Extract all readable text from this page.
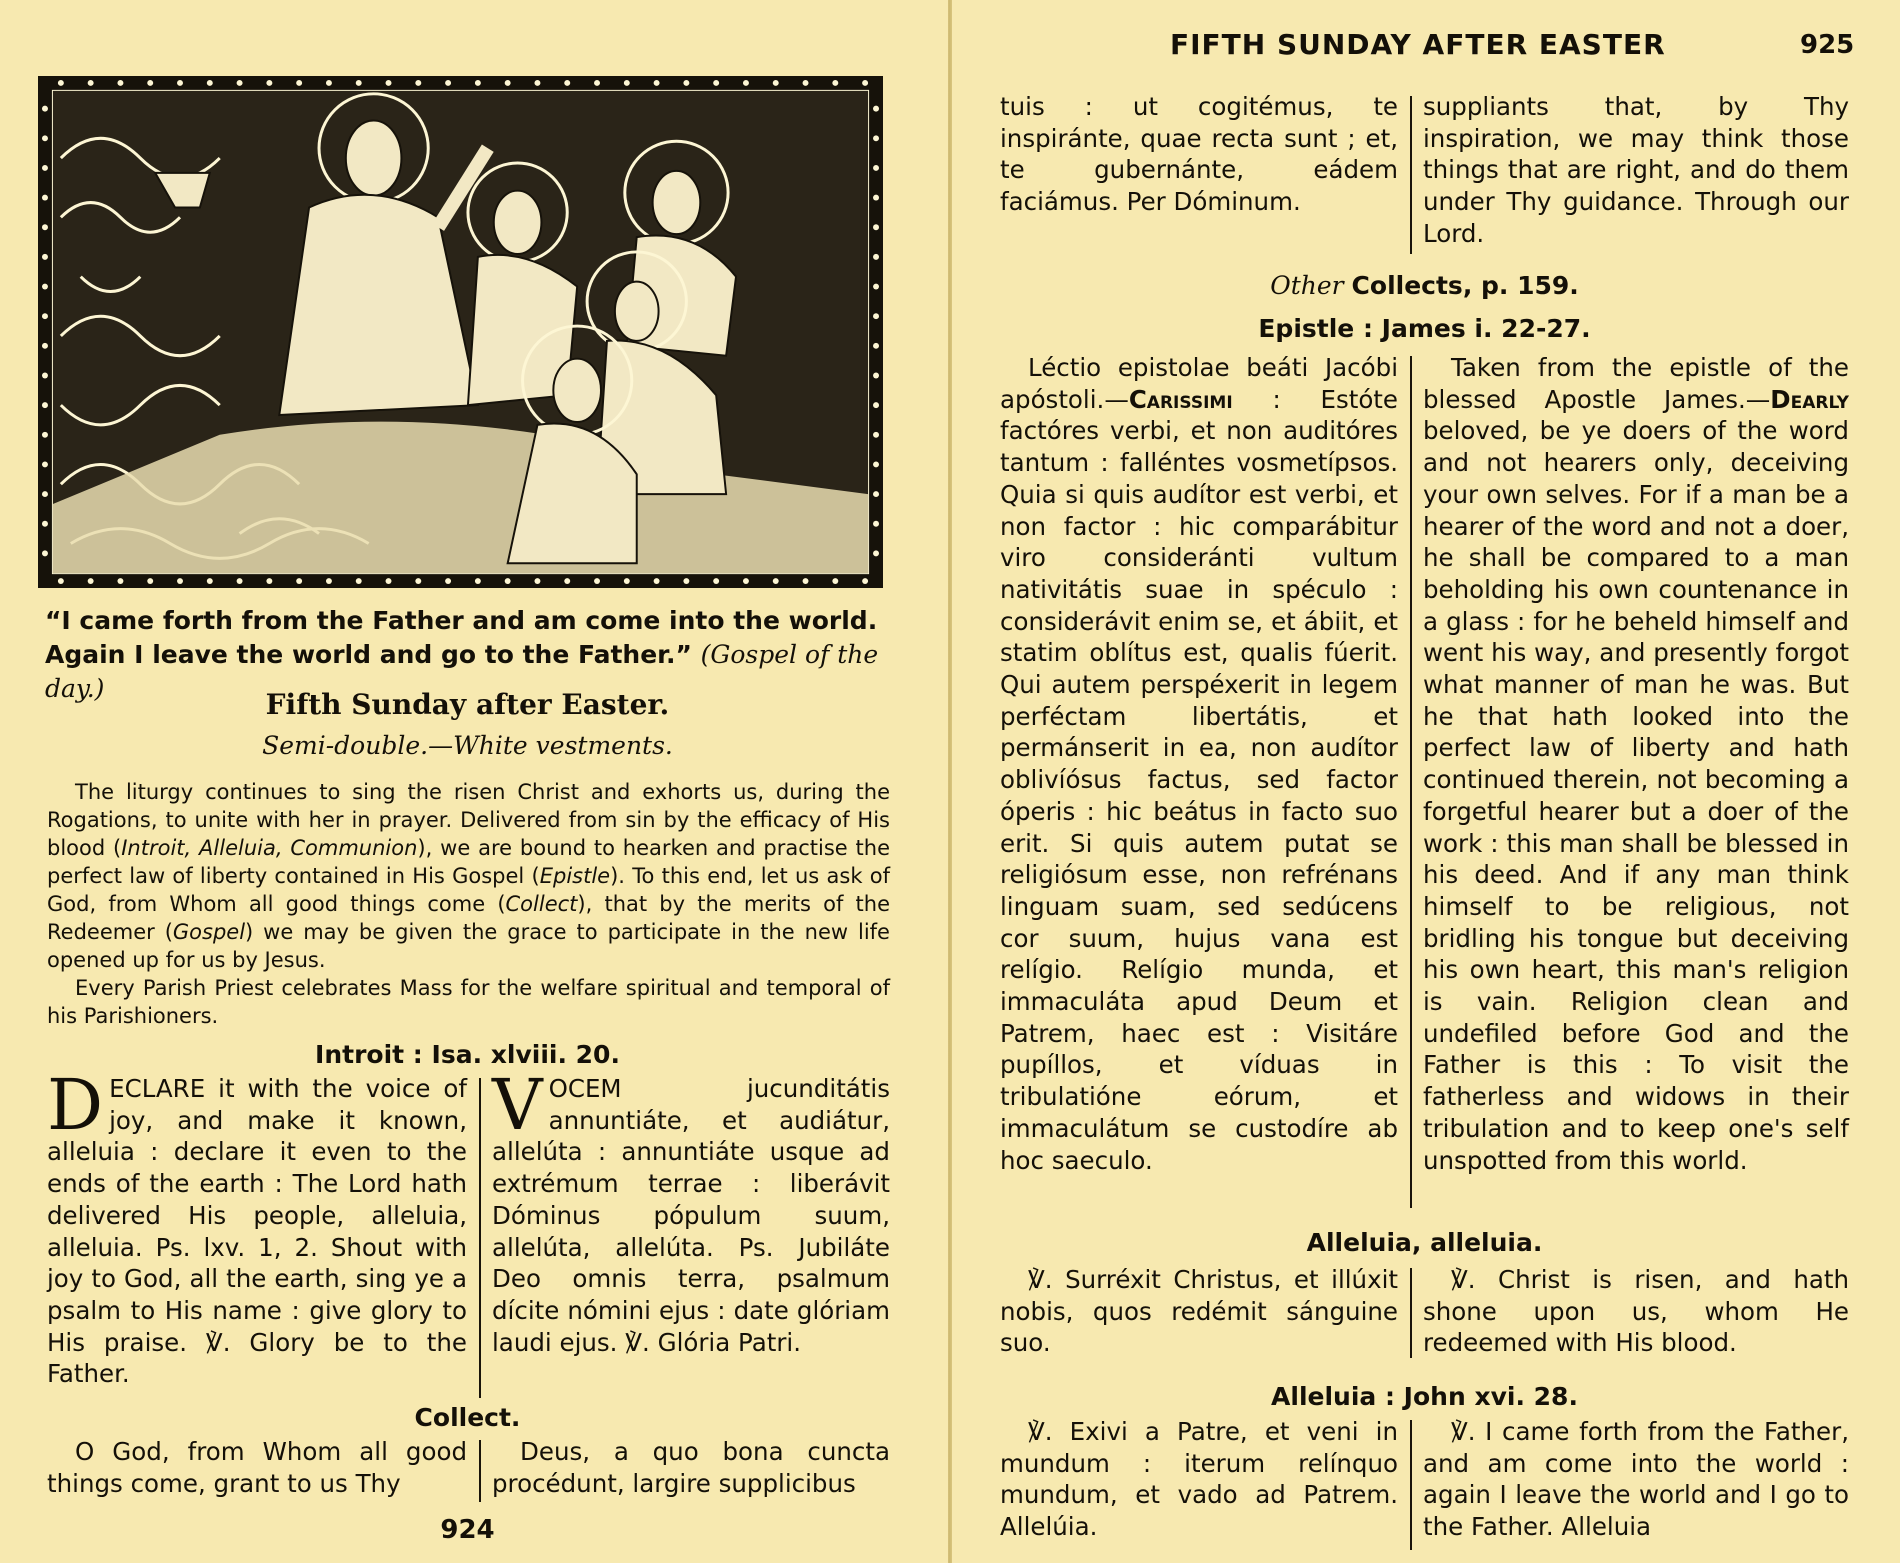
“I came forth from the Father and am come into the world.
Again I leave the world and go to the Father.” (Gospel of the day.)	Fifth Sunday after Easter.
Semi-double.—White vestments.
The liturgy continues to sing the risen Christ and exhorts us, during the Rogations, to unite with her in prayer. Delivered from sin by the efficacy of His blood (Introit, Alleluia, Communion), we are bound to hearken and practise the perfect law of liberty contained in His Gospel (Epistle). To this end, let us ask of God, from Whom all good things come (Collect), that by the merits of the Redeemer (Gospel) we may be given the grace to participate in the new life opened up for us by Jesus.
Every Parish Priest celebrates Mass for the welfare spiritual and temporal of his Parishioners.
Introit : Isa. xlviii. 20.
DECLARE it with the voice of joy, and make it known, alleluia : declare it even to the ends of the earth : The Lord hath delivered His people, alleluia, alleluia. Ps. lxv. 1, 2. Shout with joy to God, all the earth, sing ye a psalm to His name : give glory to His praise. ℣. Glory be to the Father.
VOCEM jucunditátis annuntiáte, et audiátur, allelúta : annuntiáte usque ad extrémum terrae : liberávit Dóminus pópulum suum, allelúta, allelúta. Ps. Jubiláte Deo omnis terra, psalmum dícite nómini ejus : date glóriam laudi ejus. ℣. Glória Patri.
Collect.
O God, from Whom all good things come, grant to us Thy
Deus, a quo bona cuncta procédunt, largire supplicibus
924
FIFTH SUNDAY AFTER EASTER	925
tuis : ut cogitémus, te inspiránte, quae recta sunt ; et, te gubernánte, eádem faciámus. Per Dóminum.
suppliants that, by Thy inspiration, we may think those things that are right, and do them under Thy guidance. Through our Lord.
Other Collects, p. 159.
Epistle : James i. 22-27.
Léctio epistolae beáti Jacóbi apóstoli.—Carissimi : Estóte factóres verbi, et non auditóres tantum : falléntes vosmetípsos. Quia si quis audítor est verbi, et non factor : hic comparábitur viro consideránti vultum nativitátis suae in spéculo : considerávit enim se, et ábiit, et statim oblítus est, qualis fúerit. Qui autem perspéxerit in legem perféctam libertátis, et permánserit in ea, non audítor oblivíósus factus, sed factor óperis : hic beátus in facto suo erit. Si quis autem putat se religiósum esse, non refrénans linguam suam, sed sedúcens cor suum, hujus vana est relígio. Relígio munda, et immaculáta apud Deum et Patrem, haec est : Visitáre pupíllos, et víduas in tribulatióne eórum, et immaculátum se custodíre ab hoc saeculo.
Taken from the epistle of the blessed Apostle James.—Dearly beloved, be ye doers of the word and not hearers only, deceiving your own selves. For if a man be a hearer of the word and not a doer, he shall be compared to a man beholding his own countenance in a glass : for he beheld himself and went his way, and presently forgot what manner of man he was. But he that hath looked into the perfect law of liberty and hath continued therein, not becoming a forgetful hearer but a doer of the work : this man shall be blessed in his deed. And if any man think himself to be religious, not bridling his tongue but deceiving his own heart, this man's religion is vain. Religion clean and undefiled before God and the Father is this : To visit the fatherless and widows in their tribulation and to keep one's self unspotted from this world.
Alleluia, alleluia.
℣. Surréxit Christus, et illúxit nobis, quos redémit sánguine suo.
℣. Christ is risen, and hath shone upon us, whom He redeemed with His blood.
Alleluia : John xvi. 28.
℣. Exivi a Patre, et veni in mundum : iterum relínquo mundum, et vado ad Patrem. Allelúia.
℣. I came forth from the Father, and am come into the world : again I leave the world and I go to the Father. Alleluia
